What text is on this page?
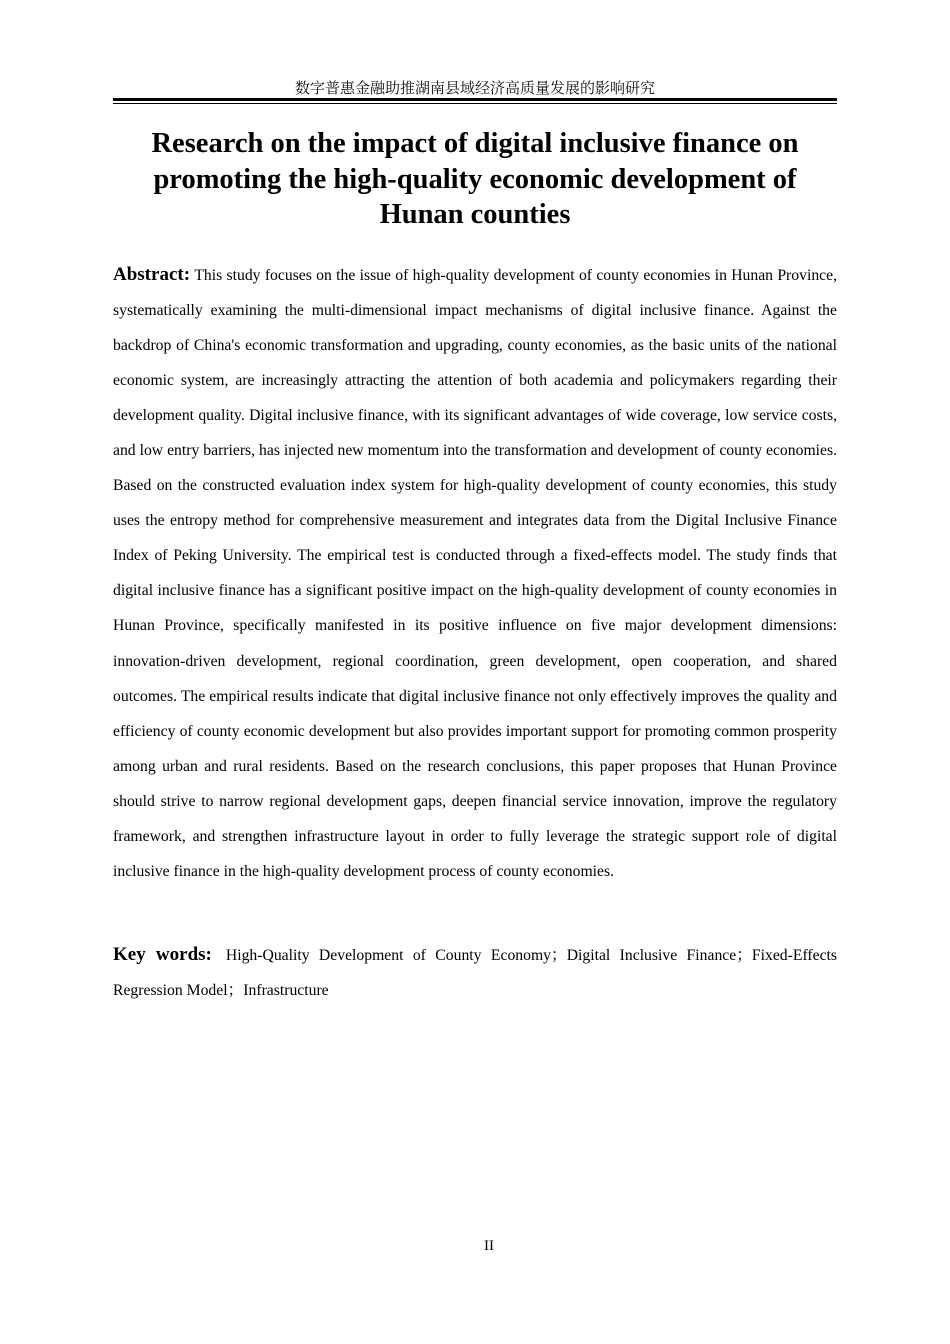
数字普惠金融助推湖南县域经济高质量发展的影响研究
Research on the impact of digital inclusive finance on promoting the high-quality economic development of Hunan counties

Abstract: This study focuses on the issue of high-quality development of county economies in Hunan Province, systematically examining the multi-dimensional impact mechanisms of digital inclusive finance. Against the backdrop of China's economic transformation and upgrading, county economies, as the basic units of the national economic system, are increasingly attracting the attention of both academia and policymakers regarding their development quality. Digital inclusive finance, with its significant advantages of wide coverage, low service costs, and low entry barriers, has injected new momentum into the transformation and development of county economies. Based on the constructed evaluation index system for high-quality development of county economies, this study uses the entropy method for comprehensive measurement and integrates data from the Digital Inclusive Finance Index of Peking University. The empirical test is conducted through a fixed-effects model. The study finds that digital inclusive finance has a significant positive impact on the high-quality development of county economies in Hunan Province, specifically manifested in its positive influence on five major development dimensions: innovation-driven development, regional coordination, green development, open cooperation, and shared outcomes. The empirical results indicate that digital inclusive finance not only effectively improves the quality and efficiency of county economic development but also provides important support for promoting common prosperity among urban and rural residents. Based on the research conclusions, this paper proposes that Hunan Province should strive to narrow regional development gaps, deepen financial service innovation, improve the regulatory framework, and strengthen infrastructure layout in order to fully leverage the strategic support role of digital inclusive finance in the high-quality development process of county economies.

Key words: High-Quality Development of County Economy；Digital Inclusive Finance；Fixed-Effects Regression Model；Infrastructure

II
